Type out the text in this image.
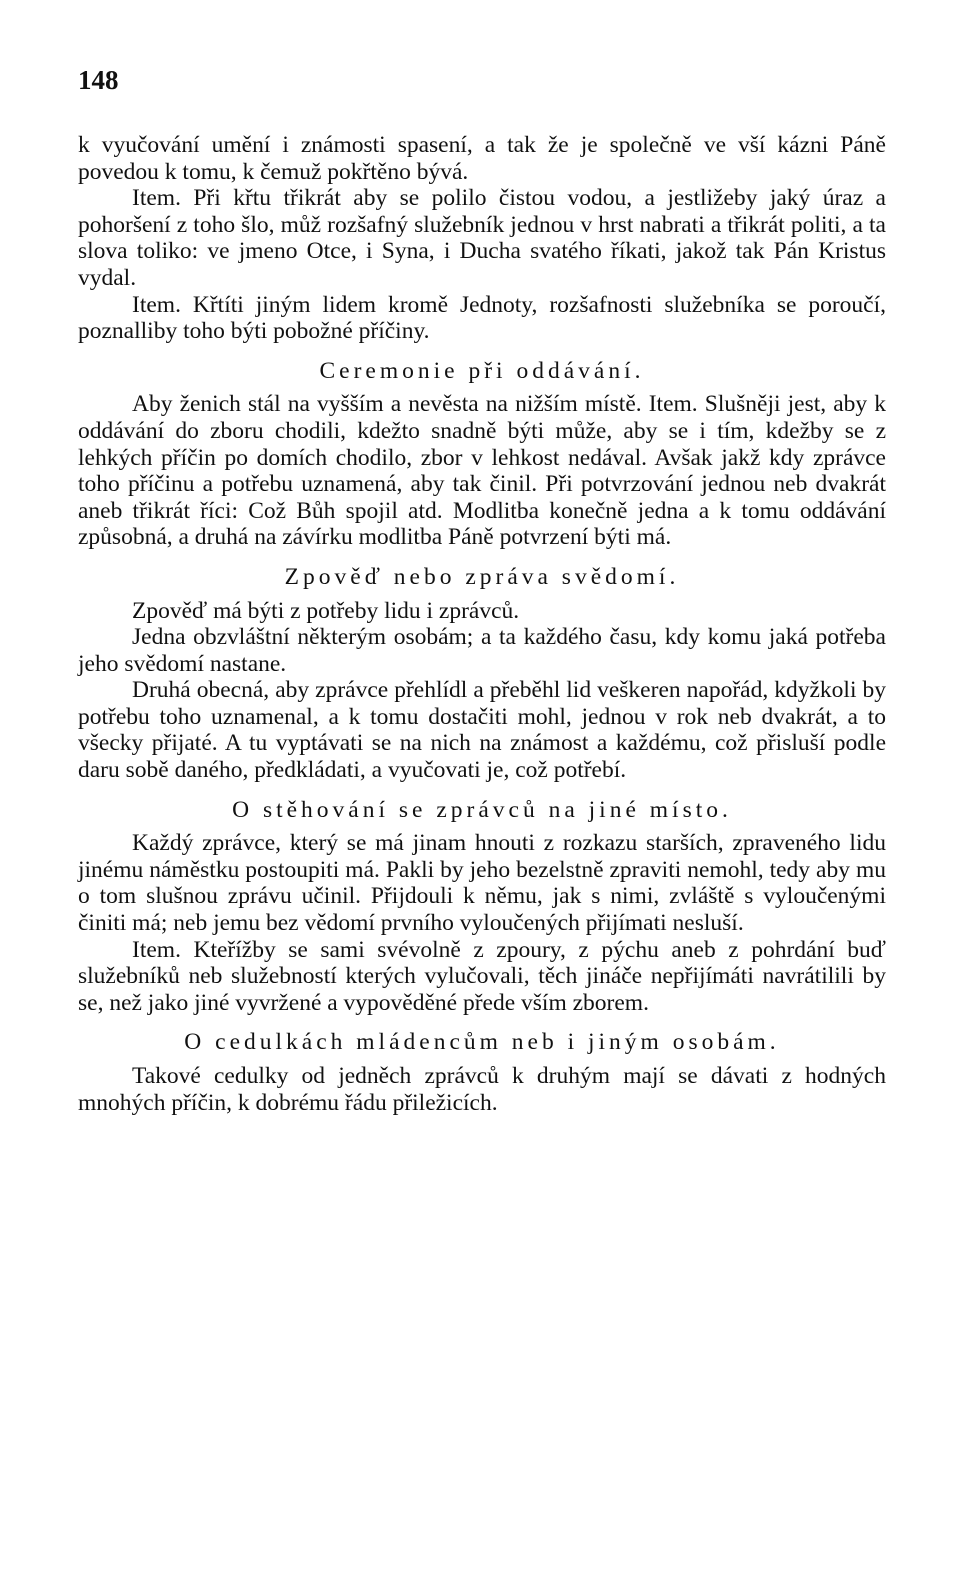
148

k vyučování umění i známosti spasení, a tak že je společně ve vší kázni Páně povedou k tomu, k čemuž pokřtěno bývá.

Item. Při křtu třikrát aby se polilo čistou vodou, a jestližeby jaký úraz a pohoršení z toho šlo, můž rozšafný služebník jednou v hrst nabrati a třikrát politi, a ta slova toliko: ve jmeno Otce, i Syna, i Ducha svatého říkati, jakož tak Pán Kristus vydal.

Item. Křtíti jiným lidem kromě Jednoty, rozšafnosti služebníka se poroučí, poznalliby toho býti pobožné příčiny.

Ceremonie při oddávání.

Aby ženich stál na vyšším a nevěsta na nižším místě. Item. Slušněji jest, aby k oddávání do zboru chodili, kdežto snadně býti může, aby se i tím, kdežby se z lehkých příčin po domích chodilo, zbor v lehkost nedával. Avšak jakž kdy zprávce toho příčinu a potřebu uznamená, aby tak činil. Při potvrzování jednou neb dvakrát aneb třikrát říci: Což Bůh spojil atd. Modlitba konečně jedna a k tomu oddávání způsobná, a druhá na závírku modlitba Páně potvrzení býti má.

Zpověď nebo zpráva svědomí.

Zpověď má býti z potřeby lidu i zprávců.

Jedna obzvláštní některým osobám; a ta každého času, kdy komu jaká potřeba jeho svědomí nastane.

Druhá obecná, aby zprávce přehlídl a přeběhl lid veškeren napořád, kdyžkoli by potřebu toho uznamenal, a k tomu dostačiti mohl, jednou v rok neb dvakrát, a to všecky přijaté. A tu vyptávati se na nich na známost a každému, což přisluší podle daru sobě daného, předkládati, a vyučovati je, což potřebí.

O stěhování se zprávců na jiné místo.

Každý zprávce, který se má jinam hnouti z rozkazu starších, zpraveného lidu jinému náměstku postoupiti má. Pakli by jeho bezelstně zpraviti nemohl, tedy aby mu o tom slušnou zprávu učinil. Přijdouli k němu, jak s nimi, zvláště s vyloučenými činiti má; neb jemu bez vědomí prvního vyloučených přijímati nesluší.

Item. Kteřížby se sami svévolně z zpoury, z pýchu aneb z pohrdání buď služebníků neb služebností kterých vylučovali, těch jináče nepřijímáti navrátilili by se, než jako jiné vyvržené a vypověděné přede vším zborem.

O cedulkách mládencům neb i jiným osobám.

Takové cedulky od jedněch zprávců k druhým mají se dávati z hodných mnohých příčin, k dobrému řádu přiležicích.
